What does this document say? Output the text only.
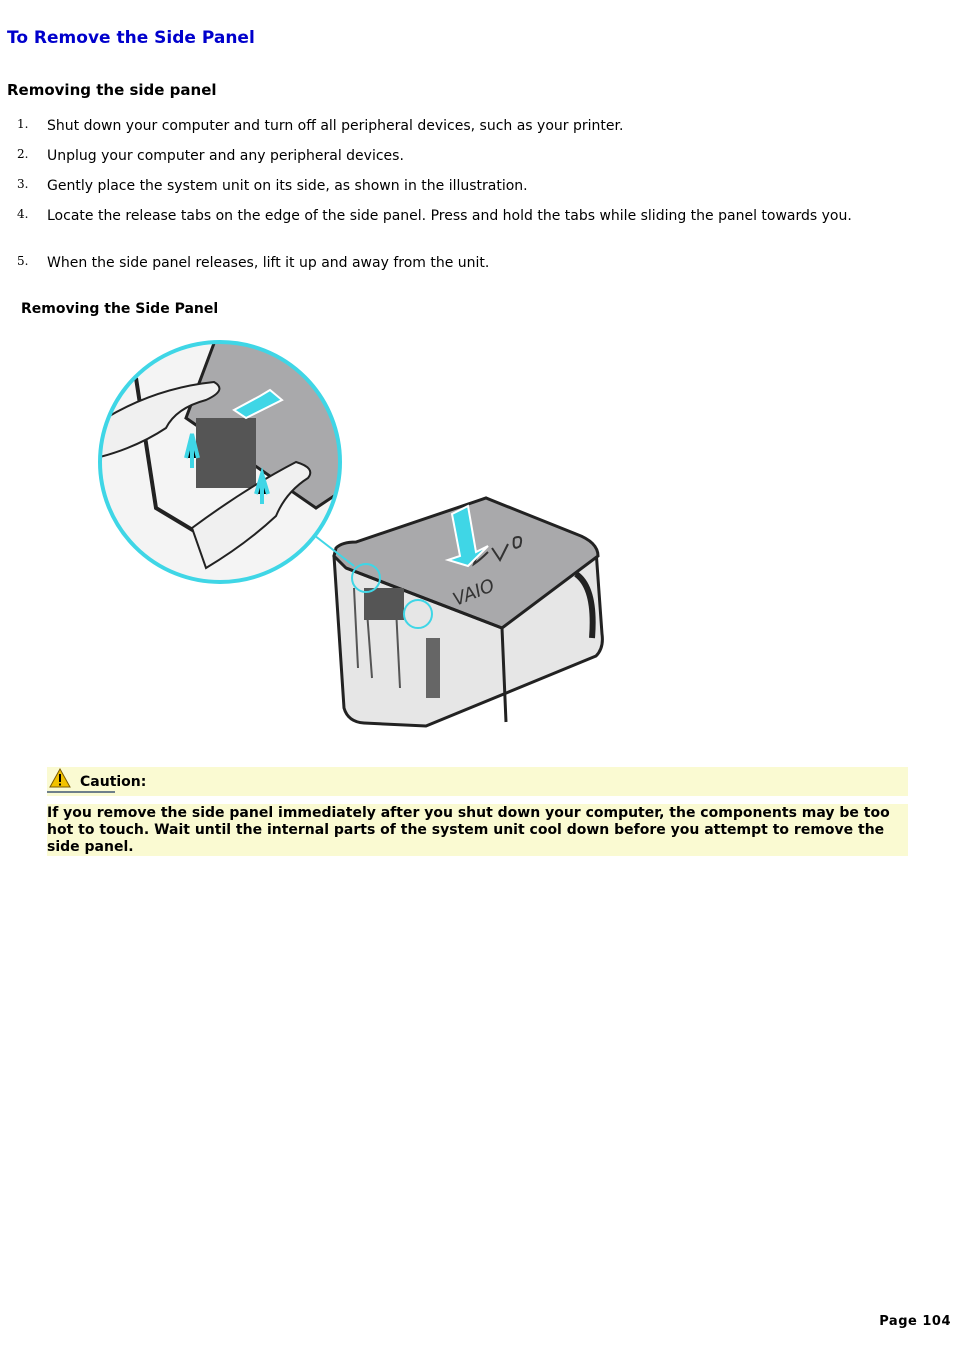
To Remove the Side Panel
Removing the side panel
1. Shut down your computer and turn off all peripheral devices, such as your printer.
2. Unplug your computer and any peripheral devices.
3. Gently place the system unit on its side, as shown in the illustration.
4. Locate the release tabs on the edge of the side panel. Press and hold the tabs while sliding the panel towards you.
5. When the side panel releases, lift it up and away from the unit.

Removing the Side Panel

VAIO
Caution:

If you remove the side panel immediately after you shut down your computer, the components may be too hot to touch. Wait until the internal parts of the system unit cool down before you attempt to remove the side panel.

Page 104
